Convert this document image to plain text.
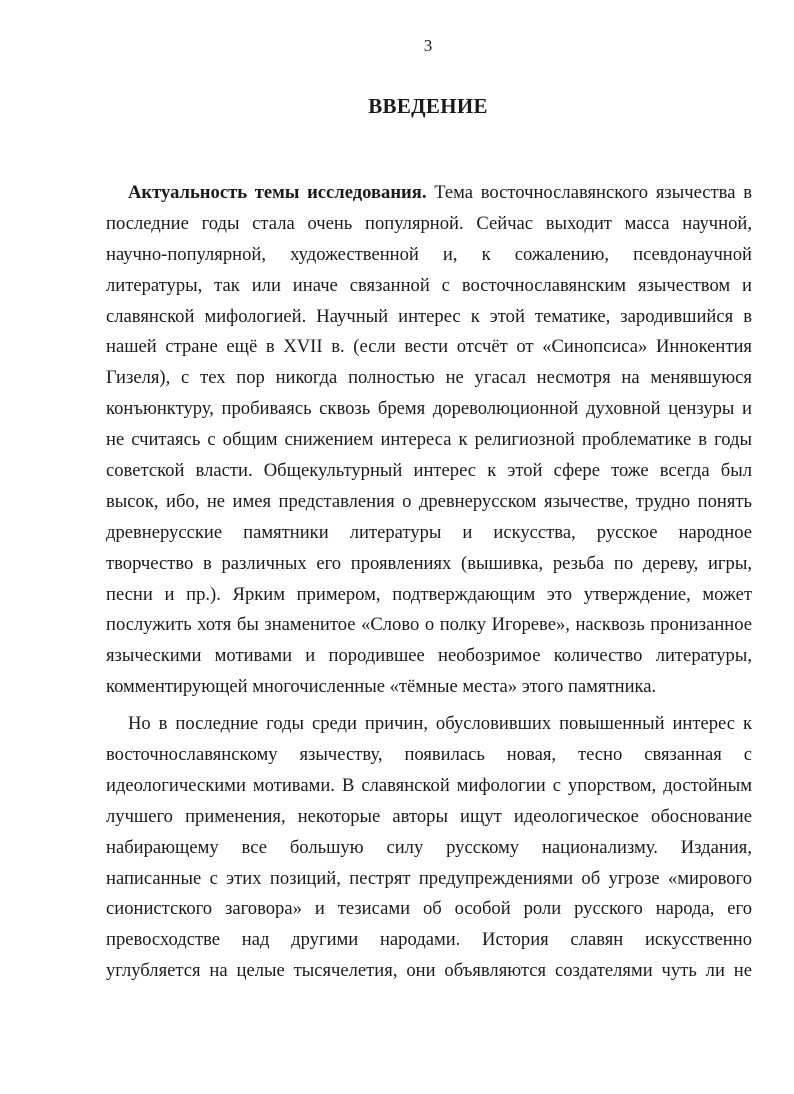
3
ВВЕДЕНИЕ
Актуальность темы исследования. Тема восточнославянского язычества в
последние годы стала очень популярной. Сейчас выходит масса научной,
научно-популярной, художественной и, к сожалению, псевдонаучной
литературы, так или иначе связанной с восточнославянским язычеством и
славянской мифологией. Научный интерес к этой тематике, зародившийся в
нашей стране ещё в XVII в. (если вести отсчёт от «Синопсиса» Иннокентия
Гизеля), с тех пор никогда полностью не угасал несмотря на менявшуюся
конъюнктуру, пробиваясь сквозь бремя дореволюционной духовной цензуры и
не считаясь с общим снижением интереса к религиозной проблематике в годы
советской власти. Общекультурный интерес к этой сфере тоже всегда был
высок, ибо, не имея представления о древнерусском язычестве, трудно понять
древнерусские памятники литературы и искусства, русское народное
творчество в различных его проявлениях (вышивка, резьба по дереву, игры,
песни и пр.). Ярким примером, подтверждающим это утверждение, может
послужить хотя бы знаменитое «Слово о полку Игореве», насквозь пронизанное
языческими мотивами и породившее необозримое количество литературы,
комментирующей многочисленные «тёмные места» этого памятника.
Но в последние годы среди причин, обусловивших повышенный интерес к
восточнославянскому язычеству, появилась новая, тесно связанная с
идеологическими мотивами. В славянской мифологии с упорством, достойным
лучшего применения, некоторые авторы ищут идеологическое обоснование
набирающему все большую силу русскому национализму. Издания,
написанные с этих позиций, пестрят предупреждениями об угрозе «мирового
сионистского заговора» и тезисами об особой роли русского народа, его
превосходстве над другими народами. История славян искусственно
углубляется на целые тысячелетия, они объявляются создателями чуть ли не
